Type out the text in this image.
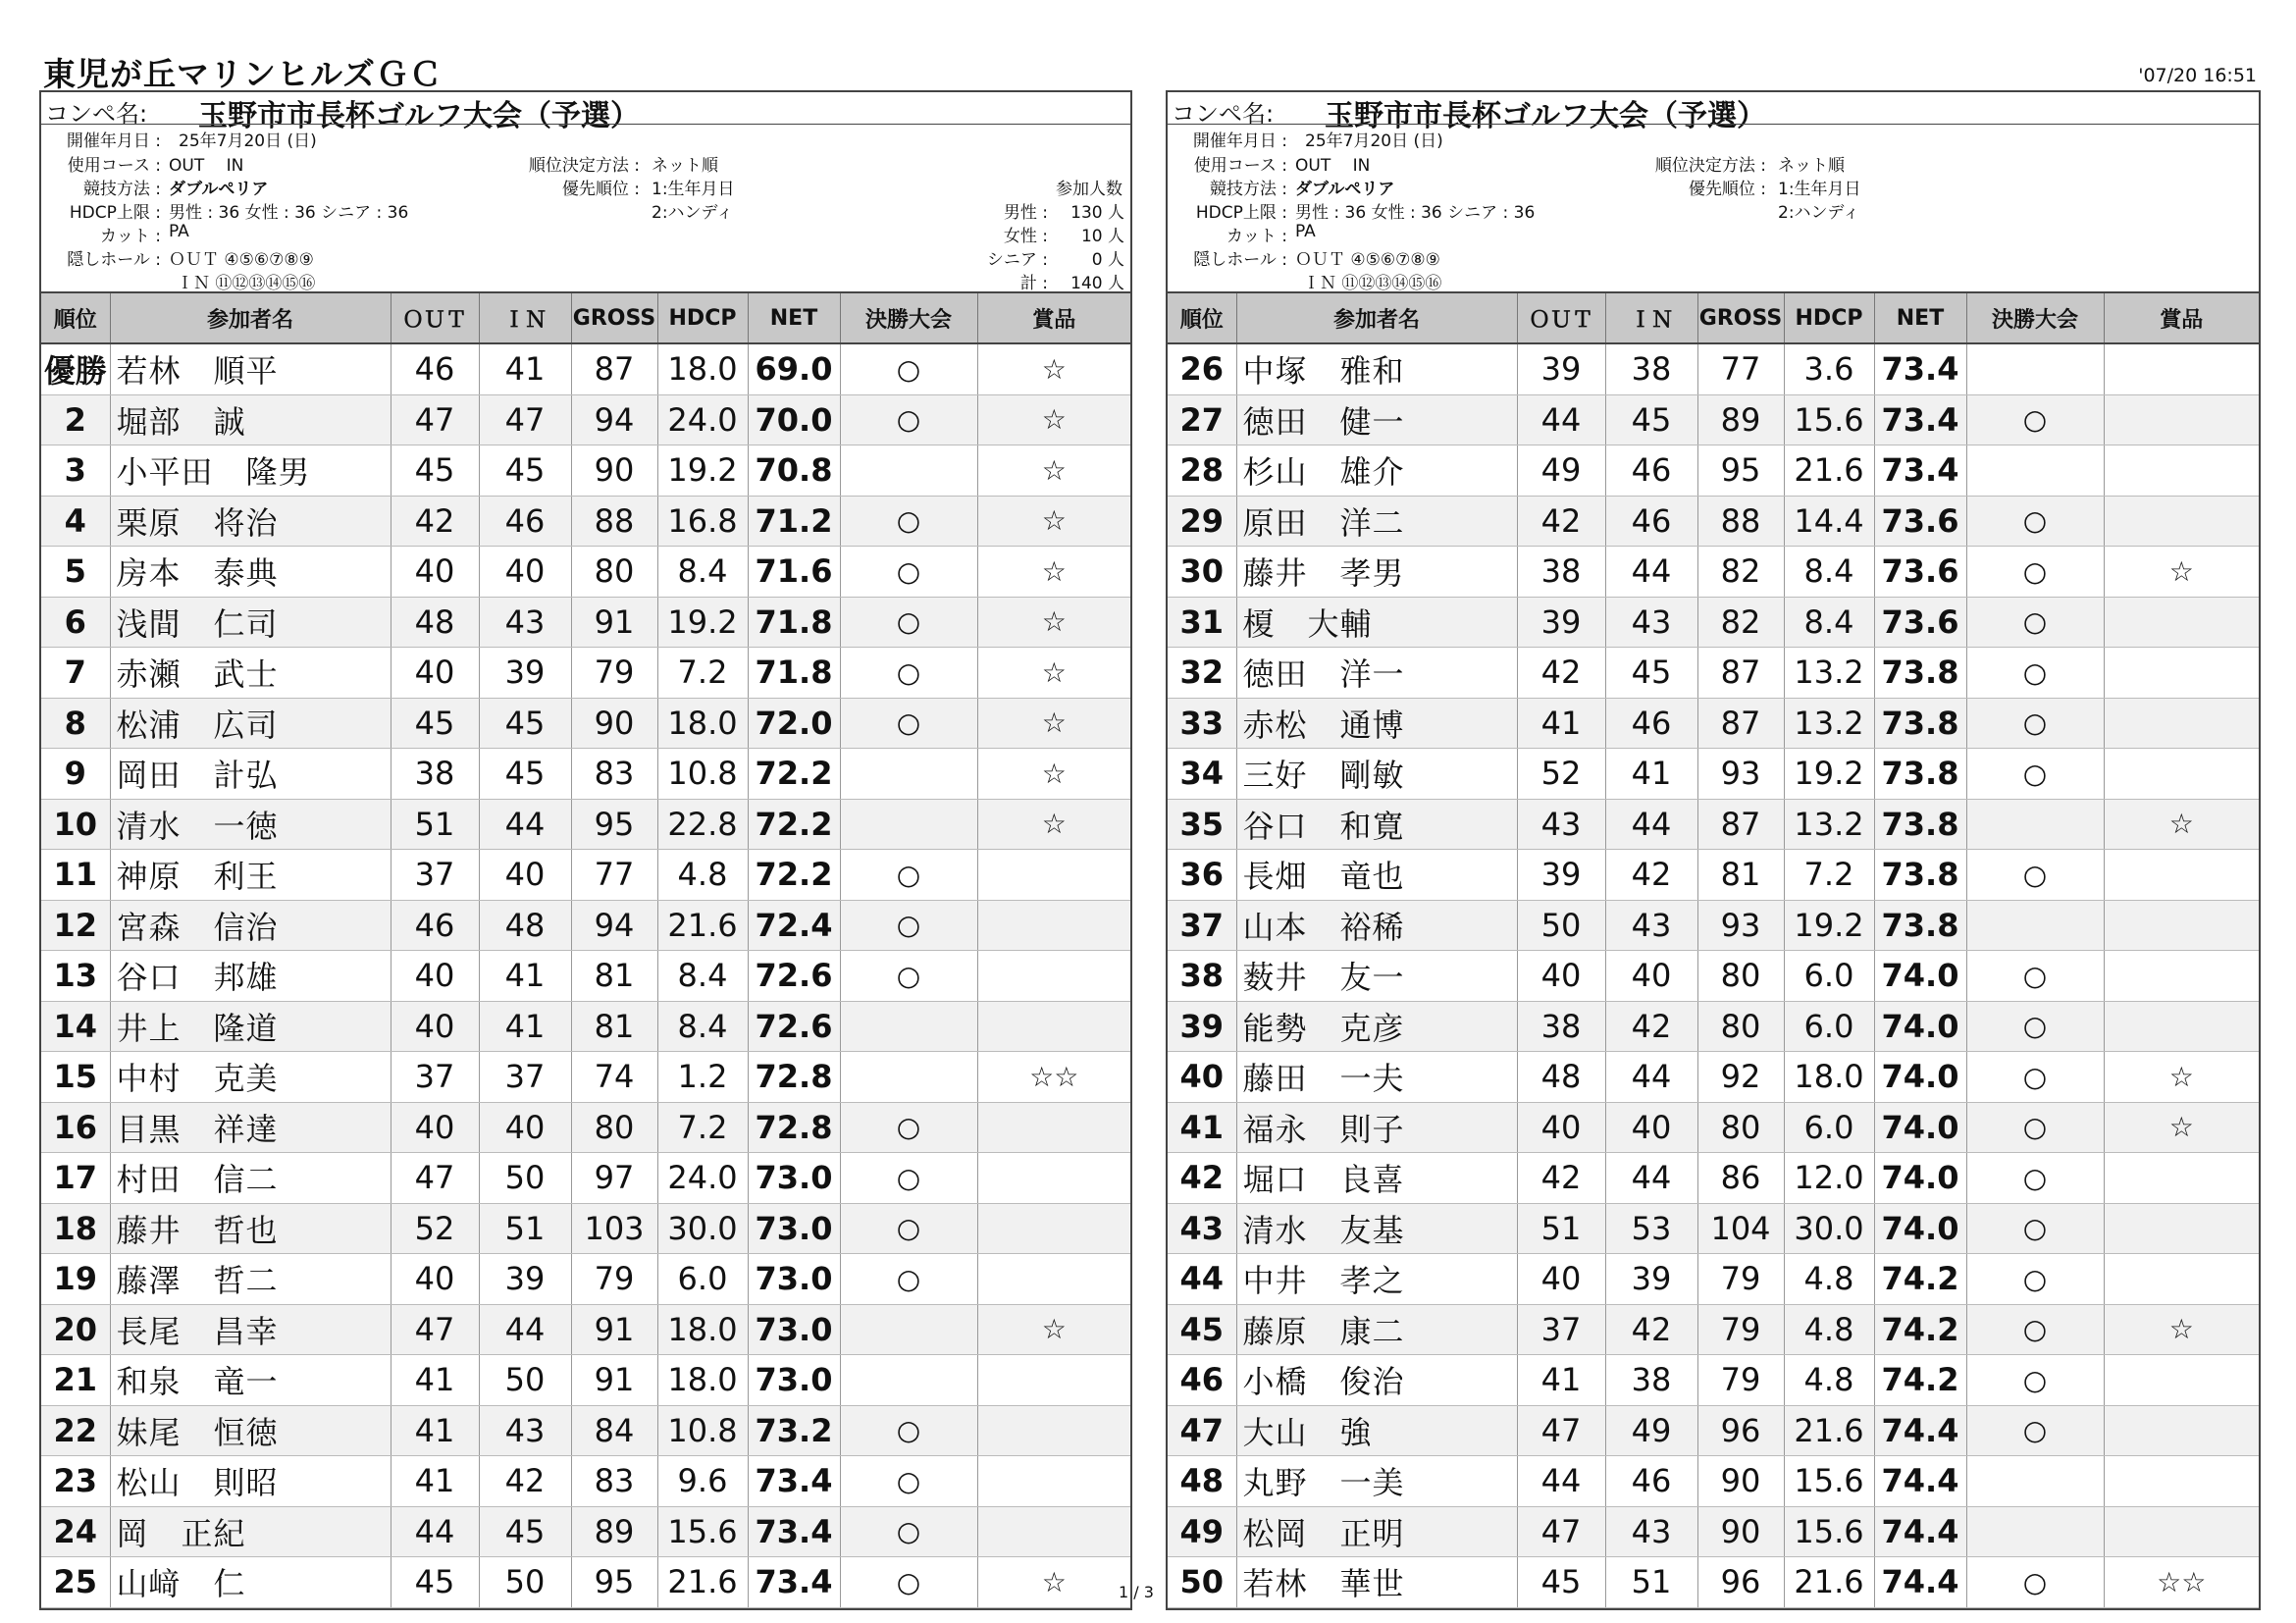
東児が丘マリンヒルズＧＣ	'07/20 16:51
コンペ名: 玉野市市長杯ゴルフ大会（予選）
開催年月日 : 25年7月20日 (日)
使用コース : OUT　 IN
競技方法 : ダブルペリア
HDCP上限 : 男性 : 36 女性 : 36 シニア : 36
カット : PA
隠しホール : ＯＵＴ ④⑤⑥⑦⑧⑨
ＩＮ ⑪⑫⑬⑭⑮⑯
順位決定方法 : ネット順
優先順位 : 1:生年月日
2:ハンディ
参加人数
男性 : 130 人
女性 : 10 人
シニア :	0 人
計 : 140 人
順位	参加者名	ＯＵＴ	ＩＮ	GROSS	HDCP	NET	決勝大会	賞品
優勝	若林　順平	46	41	87	18.0	69.0	○	☆
2	堀部　誠	47	47	94	24.0	70.0	○	☆
3	小平田　隆男	45	45	90	19.2	70.8		☆
4	栗原　将治	42	46	88	16.8	71.2	○	☆
5	房本　泰典	40	40	80	8.4	71.6	○	☆
6	浅間　仁司	48	43	91	19.2	71.8	○	☆
7	赤瀬　武士	40	39	79	7.2	71.8	○	☆
8	松浦　広司	45	45	90	18.0	72.0	○	☆
9	岡田　計弘	38	45	83	10.8	72.2		☆
10	清水　一徳	51	44	95	22.8	72.2		☆
11	神原　利王	37	40	77	4.8	72.2	○	
12	宮森　信治	46	48	94	21.6	72.4	○	
13	谷口　邦雄	40	41	81	8.4	72.6	○	
14	井上　隆道	40	41	81	8.4	72.6		
15	中村　克美	37	37	74	1.2	72.8		☆☆
16	目黒　祥達	40	40	80	7.2	72.8	○	
17	村田　信二	47	50	97	24.0	73.0	○	
18	藤井　哲也	52	51	103	30.0	73.0	○	
19	藤澤　哲二	40	39	79	6.0	73.0	○	
20	長尾　昌幸	47	44	91	18.0	73.0		☆
21	和泉　竜一	41	50	91	18.0	73.0		
22	妹尾　恒徳	41	43	84	10.8	73.2	○	
23	松山　則昭	41	42	83	9.6	73.4	○	
24	岡　正紀	44	45	89	15.6	73.4	○	
25	山﨑　仁	45	50	95	21.6	73.4	○	☆
コンペ名: 玉野市市長杯ゴルフ大会（予選）
開催年月日 : 25年7月20日 (日)
使用コース : OUT　 IN
競技方法 : ダブルペリア
HDCP上限 : 男性 : 36 女性 : 36 シニア : 36
カット : PA
隠しホール : ＯＵＴ ④⑤⑥⑦⑧⑨
ＩＮ ⑪⑫⑬⑭⑮⑯
順位決定方法 : ネット順
優先順位 : 1:生年月日
2:ハンディ
順位	参加者名	ＯＵＴ	ＩＮ	GROSS	HDCP	NET	決勝大会	賞品
26	中塚　雅和	39	38	77	3.6	73.4		
27	徳田　健一	44	45	89	15.6	73.4	○	
28	杉山　雄介	49	46	95	21.6	73.4		
29	原田　洋二	42	46	88	14.4	73.6	○	
30	藤井　孝男	38	44	82	8.4	73.6	○	☆
31	榎　大輔	39	43	82	8.4	73.6	○	
32	徳田　洋一	42	45	87	13.2	73.8	○	
33	赤松　通博	41	46	87	13.2	73.8	○	
34	三好　剛敏	52	41	93	19.2	73.8	○	
35	谷口　和寛	43	44	87	13.2	73.8		☆
36	長畑　竜也	39	42	81	7.2	73.8	○	
37	山本　裕稀	50	43	93	19.2	73.8		
38	薮井　友一	40	40	80	6.0	74.0	○	
39	能勢　克彦	38	42	80	6.0	74.0	○	
40	藤田　一夫	48	44	92	18.0	74.0	○	☆
41	福永　則子	40	40	80	6.0	74.0	○	☆
42	堀口　良喜	42	44	86	12.0	74.0	○	
43	清水　友基	51	53	104	30.0	74.0	○	
44	中井　孝之	40	39	79	4.8	74.2	○	
45	藤原　康二	37	42	79	4.8	74.2	○	☆
46	小橋　俊治	41	38	79	4.8	74.2	○	
47	大山　強	47	49	96	21.6	74.4	○	
48	丸野　一美	44	46	90	15.6	74.4		
49	松岡　正明	47	43	90	15.6	74.4		
50	若林　華世	45	51	96	21.6	74.4	○	☆☆
1 / 3
